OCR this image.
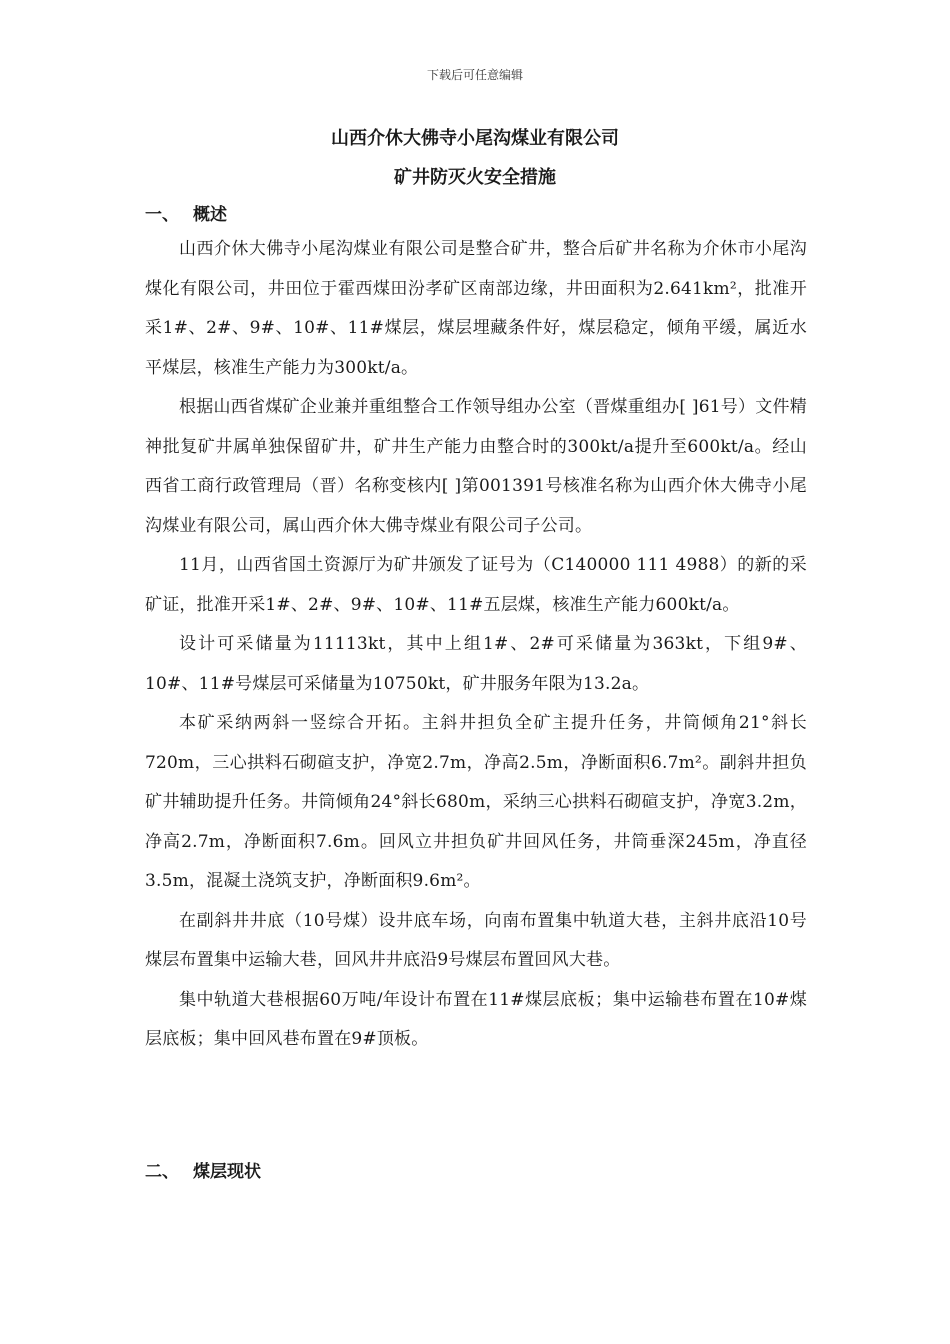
下载后可任意编辑
山西介休大佛寺小尾沟煤业有限公司
矿井防灭火安全措施
一、 概述

山西介休大佛寺小尾沟煤业有限公司是整合矿井，整合后矿井名称为介休市小尾沟煤化有限公司，井田位于霍西煤田汾孝矿区南部边缘，井田面积为2.641km²，批准开采1#、2#、9#、10#、11#煤层，煤层埋藏条件好，煤层稳定，倾角平缓，属近水平煤层，核准生产能力为300kt/a。

根据山西省煤矿企业兼并重组整合工作领导组办公室（晋煤重组办[ ]61号）文件精神批复矿井属单独保留矿井，矿井生产能力由整合时的300kt/a提升至600kt/a。经山西省工商行政管理局（晋）名称变核内[ ]第001391号核准名称为山西介休大佛寺小尾沟煤业有限公司，属山西介休大佛寺煤业有限公司子公司。

11月，山西省国土资源厅为矿井颁发了证号为（C140000 111 4988）的新的采矿证，批准开采1#、2#、9#、10#、11#五层煤，核准生产能力600kt/a。

设计可采储量为11113kt，其中上组1#、2#可采储量为363kt，下组9#、10#、11#号煤层可采储量为10750kt，矿井服务年限为13.2a。

本矿采纳两斜一竖综合开拓。主斜井担负全矿主提升任务，井筒倾角21°斜长720m，三心拱料石砌碹支护，净宽2.7m，净高2.5m，净断面积6.7m²。副斜井担负矿井辅助提升任务。井筒倾角24°斜长680m，采纳三心拱料石砌碹支护，净宽3.2m，净高2.7m，净断面积7.6m。回风立井担负矿井回风任务，井筒垂深245m，净直径3.5m，混凝土浇筑支护，净断面积9.6m²。

在副斜井井底（10号煤）设井底车场，向南布置集中轨道大巷，主斜井底沿10号煤层布置集中运输大巷，回风井井底沿9号煤层布置回风大巷。

集中轨道大巷根据60万吨/年设计布置在11#煤层底板；集中运输巷布置在10#煤层底板；集中回风巷布置在9#顶板。

二、 煤层现状
